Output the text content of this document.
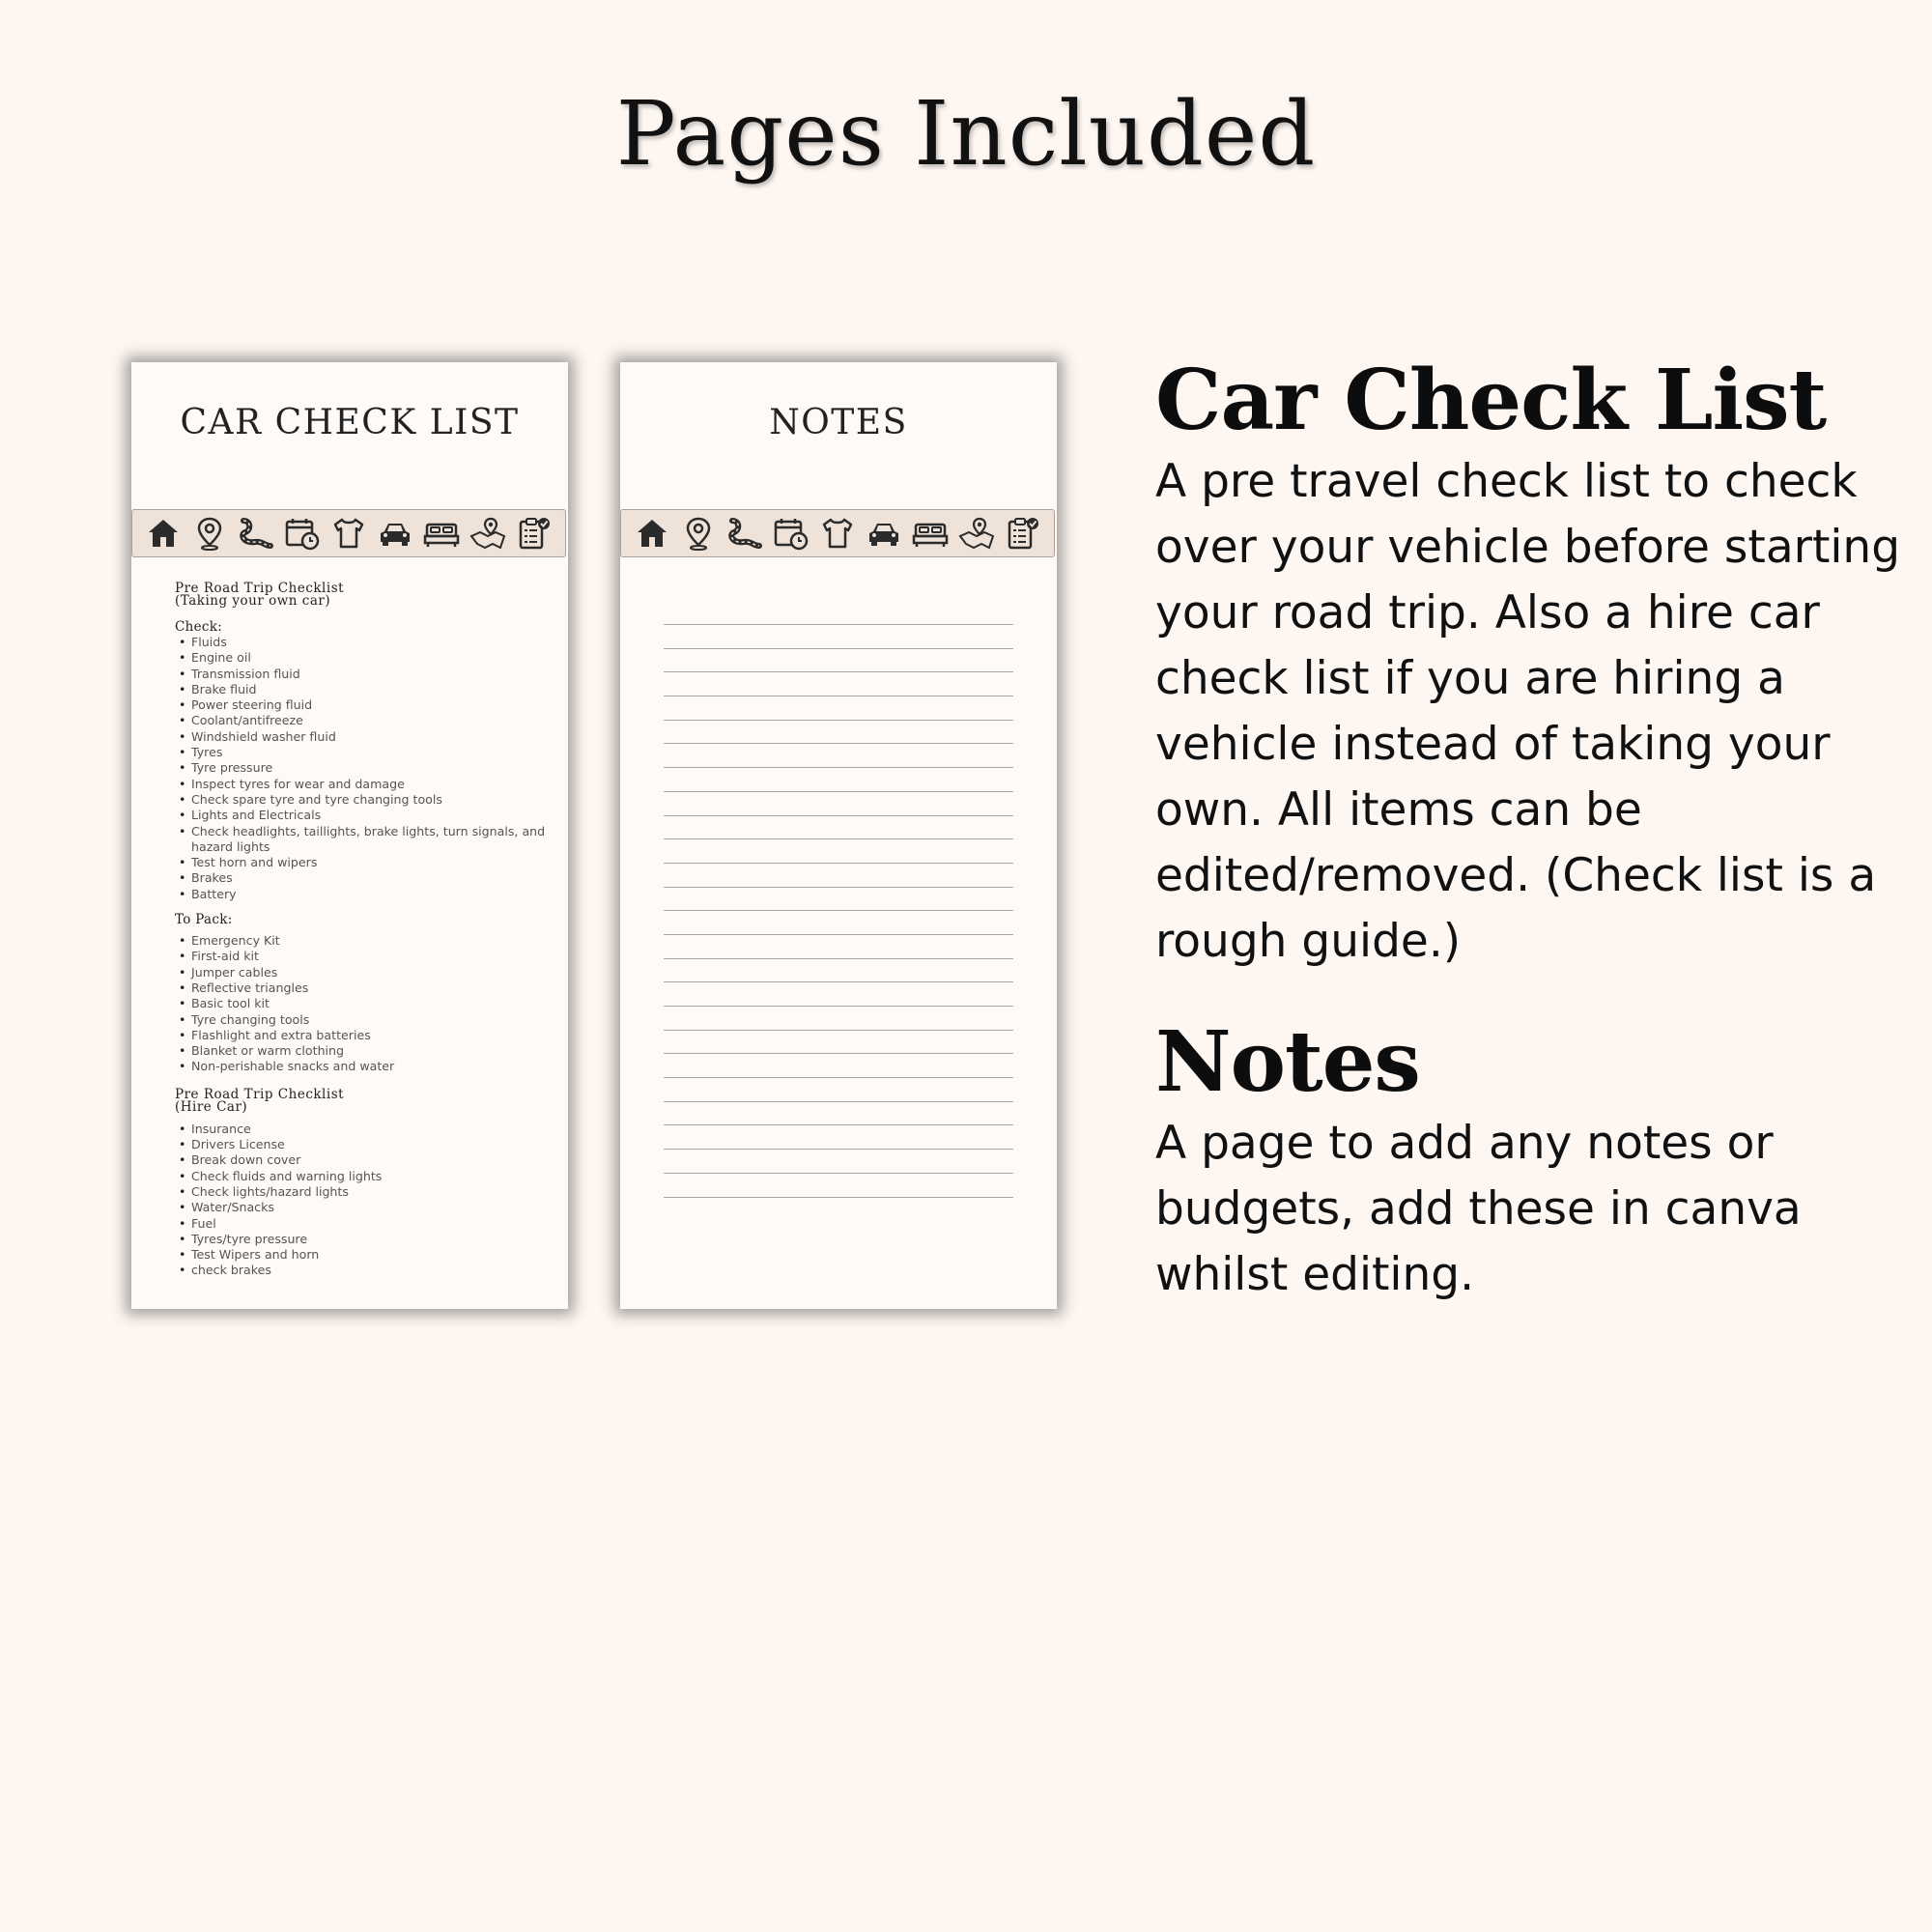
Pages Included
CAR CHECK LIST
Pre Road Trip Checklist
(Taking your own car)
Check:
• Fluids
• Engine oil
• Transmission fluid
• Brake fluid
• Power steering fluid
• Coolant/antifreeze
• Windshield washer fluid
• Tyres
• Tyre pressure
• Inspect tyres for wear and damage
• Check spare tyre and tyre changing tools
• Lights and Electricals
• Check headlights, taillights, brake lights, turn signals, and hazard lights
• Test horn and wipers
• Brakes
• Battery
To Pack:
• Emergency Kit
• First-aid kit
• Jumper cables
• Reflective triangles
• Basic tool kit
• Tyre changing tools
• Flashlight and extra batteries
• Blanket or warm clothing
• Non-perishable snacks and water
Pre Road Trip Checklist
(Hire Car)
• Insurance
• Drivers License
• Break down cover
• Check fluids and warning lights
• Check lights/hazard lights
• Water/Snacks
• Fuel
• Tyres/tyre pressure
• Test Wipers and horn
• check brakes
NOTES	Car Check List

A pre travel check list to check over your vehicle before starting your road trip. Also a hire car check list if you are hiring a vehicle instead of taking your own. All items can be edited/removed. (Check list is a rough guide.)

Notes

A page to add any notes or budgets, add these in canva whilst editing.
